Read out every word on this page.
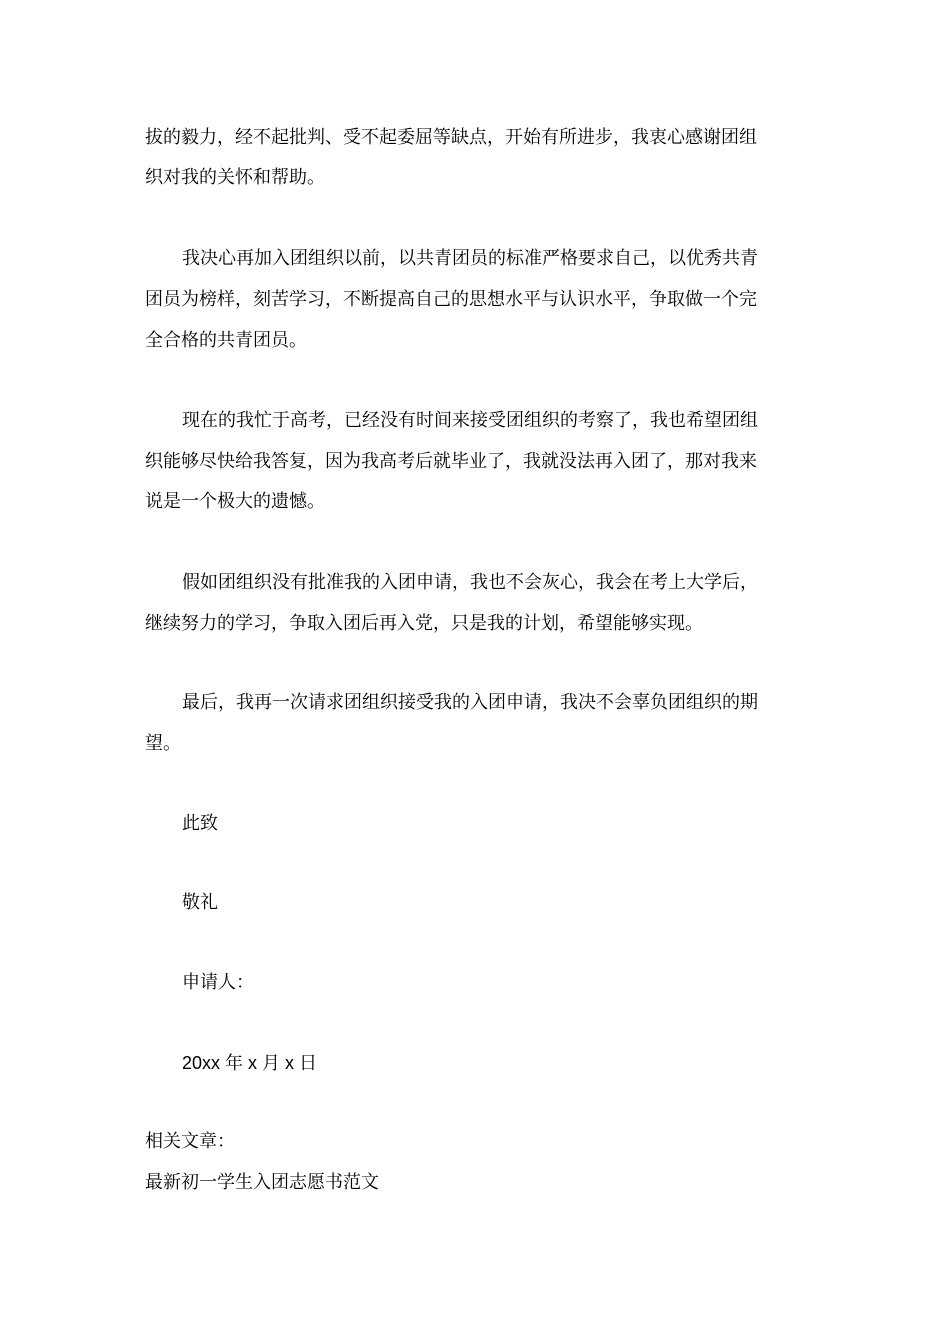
拔的毅力，经不起批判、受不起委屈等缺点，开始有所进步，我衷心感谢团组

织对我的关怀和帮助。

我决心再加入团组织以前，以共青团员的标准严格要求自己，以优秀共青

团员为榜样，刻苦学习，不断提高自己的思想水平与认识水平，争取做一个完

全合格的共青团员。

现在的我忙于高考，已经没有时间来接受团组织的考察了，我也希望团组

织能够尽快给我答复，因为我高考后就毕业了，我就没法再入团了，那对我来

说是一个极大的遗憾。

假如团组织没有批准我的入团申请，我也不会灰心，我会在考上大学后，

继续努力的学习，争取入团后再入党，只是我的计划，希望能够实现。

最后，我再一次请求团组织接受我的入团申请，我决不会辜负团组织的期

望。

此致

敬礼

申请人：

20xx 年 x 月 x 日

相关文章：

最新初一学生入团志愿书范文
